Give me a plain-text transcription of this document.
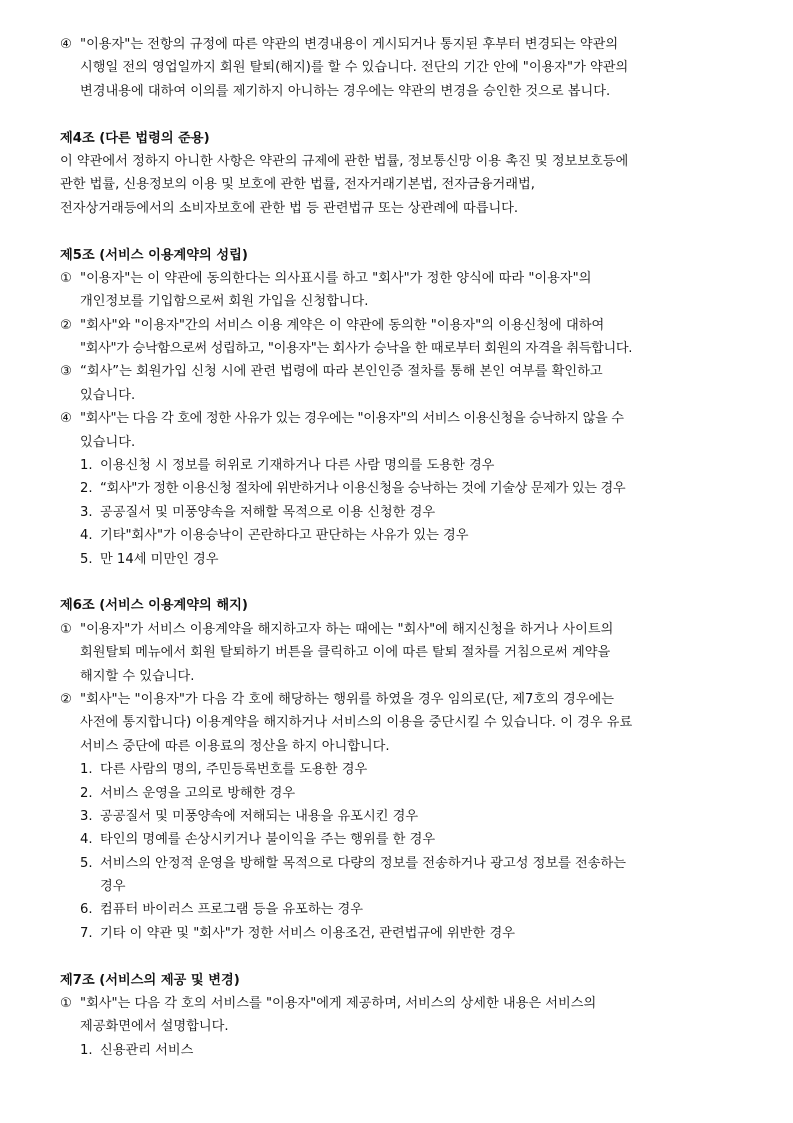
④ "이용자"는 전항의 규정에 따른 약관의 변경내용이 게시되거나 통지된 후부터 변경되는 약관의
시행일 전의 영업일까지 회원 탈퇴(해지)를 할 수 있습니다. 전단의 기간 안에 "이용자"가 약관의
변경내용에 대하여 이의를 제기하지 아니하는 경우에는 약관의 변경을 승인한 것으로 봅니다.
제4조 (다른 법령의 준용)
이 약관에서 정하지 아니한 사항은 약관의 규제에 관한 법률, 정보통신망 이용 촉진 및 정보보호등에
관한 법률, 신용정보의 이용 및 보호에 관한 법률, 전자거래기본법, 전자금융거래법,
전자상거래등에서의 소비자보호에 관한 법 등 관련법규 또는 상관례에 따릅니다.
제5조 (서비스 이용계약의 성립)
① "이용자"는 이 약관에 동의한다는 의사표시를 하고 "회사"가 정한 양식에 따라 "이용자"의
개인정보를 기입함으로써 회원 가입을 신청합니다.
② "회사"와 "이용자"간의 서비스 이용 계약은 이 약관에 동의한 "이용자"의 이용신청에 대하여
"회사"가 승낙함으로써 성립하고, "이용자"는 회사가 승낙을 한 때로부터 회원의 자격을 취득합니다.
③ “회사”는 회원가입 신청 시에 관련 법령에 따라 본인인증 절차를 통해 본인 여부를 확인하고
있습니다.
④ "회사"는 다음 각 호에 정한 사유가 있는 경우에는 "이용자"의 서비스 이용신청을 승낙하지 않을 수
있습니다.
1. 이용신청 시 정보를 허위로 기재하거나 다른 사람 명의를 도용한 경우
2. “회사"가 정한 이용신청 절차에 위반하거나 이용신청을 승낙하는 것에 기술상 문제가 있는 경우
3. 공공질서 및 미풍양속을 저해할 목적으로 이용 신청한 경우
4. 기타"회사"가 이용승낙이 곤란하다고 판단하는 사유가 있는 경우
5. 만 14세 미만인 경우
제6조 (서비스 이용계약의 해지)
① "이용자"가 서비스 이용계약을 해지하고자 하는 때에는 "회사"에 해지신청을 하거나 사이트의
회원탈퇴 메뉴에서 회원 탈퇴하기 버튼을 클릭하고 이에 따른 탈퇴 절차를 거침으로써 계약을
해지할 수 있습니다.
② "회사"는 "이용자"가 다음 각 호에 해당하는 행위를 하였을 경우 임의로(단, 제7호의 경우에는
사전에 통지합니다) 이용계약을 해지하거나 서비스의 이용을 중단시킬 수 있습니다. 이 경우 유료
서비스 중단에 따른 이용료의 정산을 하지 아니합니다.
1. 다른 사람의 명의, 주민등록번호를 도용한 경우
2. 서비스 운영을 고의로 방해한 경우
3. 공공질서 및 미풍양속에 저해되는 내용을 유포시킨 경우
4. 타인의 명예를 손상시키거나 불이익을 주는 행위를 한 경우
5. 서비스의 안정적 운영을 방해할 목적으로 다량의 정보를 전송하거나 광고성 정보를 전송하는
경우
6. 컴퓨터 바이러스 프로그램 등을 유포하는 경우
7. 기타 이 약관 및 "회사"가 정한 서비스 이용조건, 관련법규에 위반한 경우
제7조 (서비스의 제공 및 변경)
① "회사"는 다음 각 호의 서비스를 "이용자"에게 제공하며, 서비스의 상세한 내용은 서비스의
제공화면에서 설명합니다.
1. 신용관리 서비스
